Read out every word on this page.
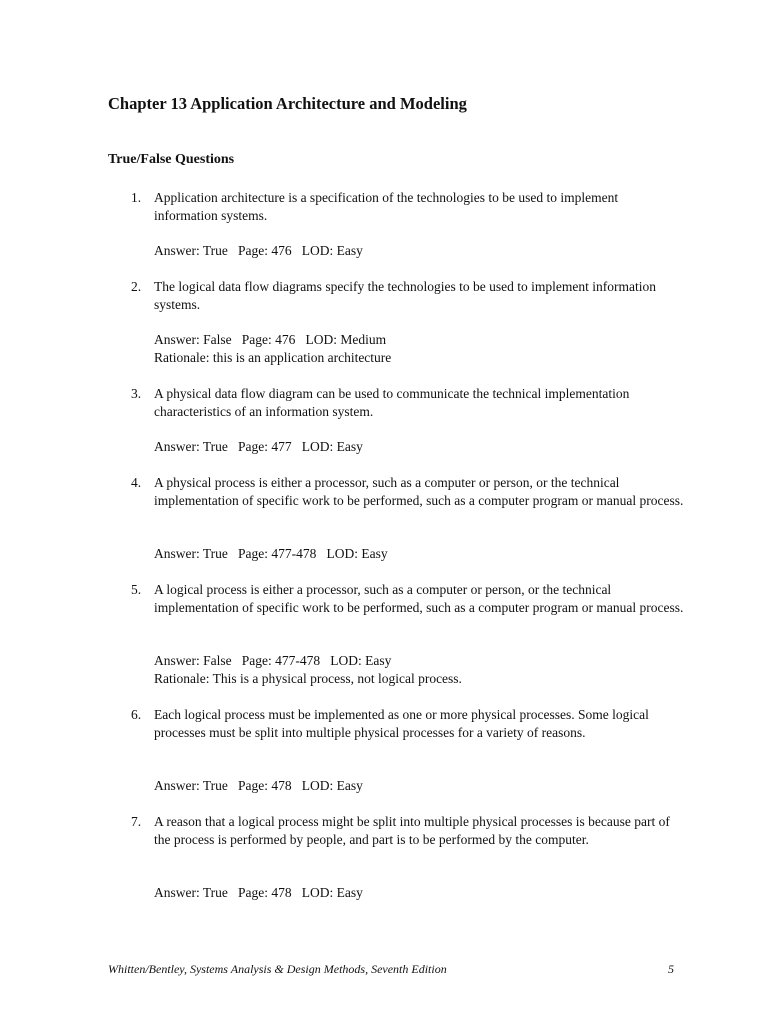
Chapter 13 Application Architecture and Modeling
True/False Questions
1. Application architecture is a specification of the technologies to be used to implement information systems.
Answer: True   Page: 476   LOD: Easy
2. The logical data flow diagrams specify the technologies to be used to implement information systems.
Answer: False   Page: 476   LOD: Medium
Rationale: this is an application architecture
3. A physical data flow diagram can be used to communicate the technical implementation characteristics of an information system.
Answer: True   Page: 477   LOD: Easy
4. A physical process is either a processor, such as a computer or person, or the technical implementation of specific work to be performed, such as a computer program or manual process.
Answer: True   Page: 477-478   LOD: Easy
5. A logical process is either a processor, such as a computer or person, or the technical implementation of specific work to be performed, such as a computer program or manual process.
Answer: False   Page: 477-478   LOD: Easy
Rationale: This is a physical process, not logical process.
6. Each logical process must be implemented as one or more physical processes. Some logical processes must be split into multiple physical processes for a variety of reasons.
Answer: True   Page: 478   LOD: Easy
7. A reason that a logical process might be split into multiple physical processes is because part of the process is performed by people, and part is to be performed by the computer.
Answer: True   Page: 478   LOD: Easy
Whitten/Bentley, Systems Analysis & Design Methods, Seventh Edition	5
